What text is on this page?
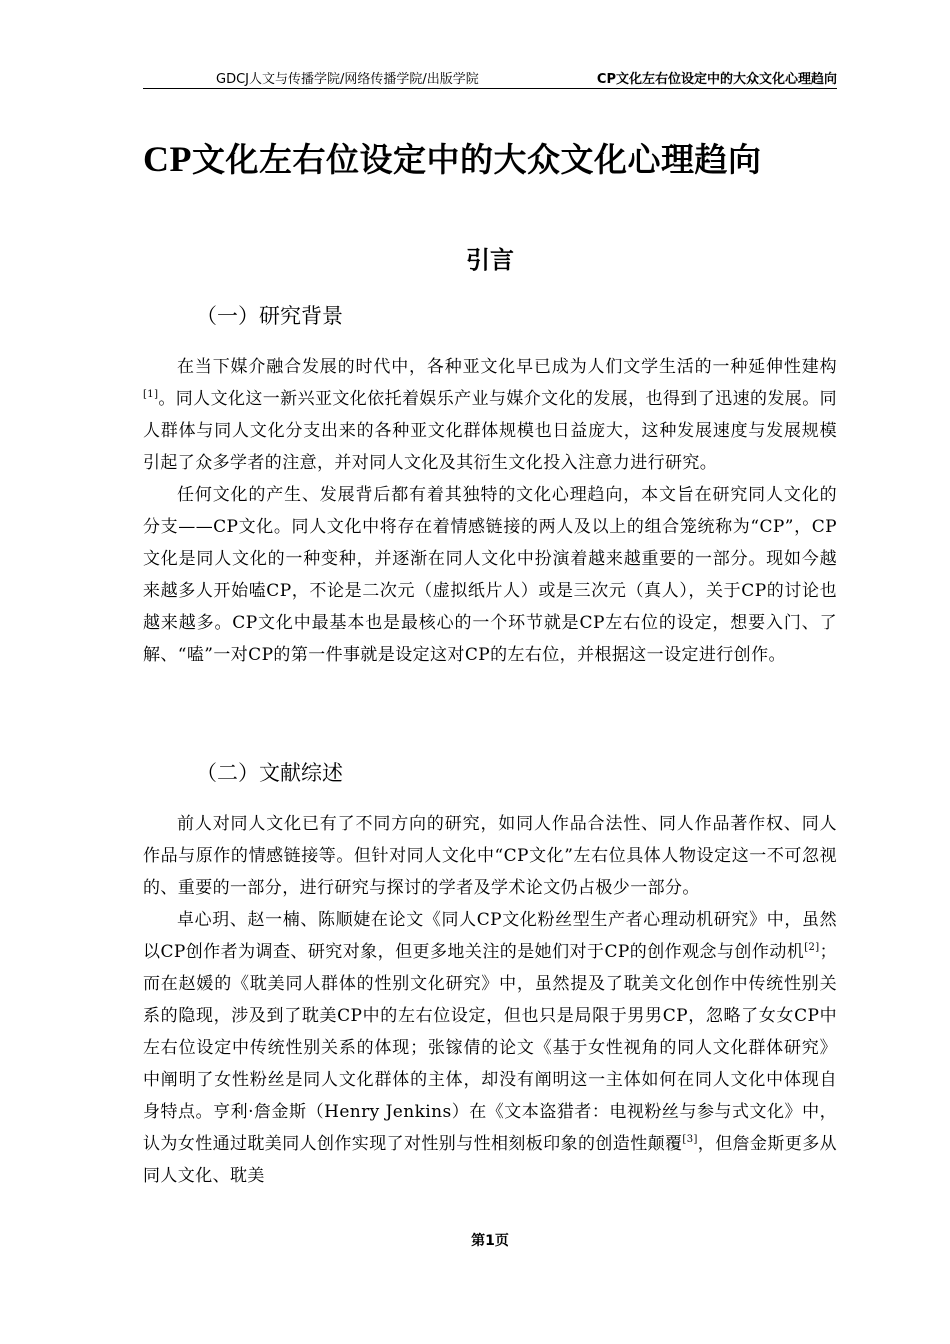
GDCJ人文与传播学院/网络传播学院/出版学院	CP文化左右位设定中的大众文化心理趋向
CP文化左右位设定中的大众文化心理趋向
引言
（一）研究背景

在当下媒介融合发展的时代中，各种亚文化早已成为人们文学生活的一种延伸性建构[1]。同人文化这一新兴亚文化依托着娱乐产业与媒介文化的发展，也得到了迅速的发展。同人群体与同人文化分支出来的各种亚文化群体规模也日益庞大，这种发展速度与发展规模引起了众多学者的注意，并对同人文化及其衍生文化投入注意力进行研究。

任何文化的产生、发展背后都有着其独特的文化心理趋向，本文旨在研究同人文化的分支——CP文化。同人文化中将存在着情感链接的两人及以上的组合笼统称为“CP”，CP文化是同人文化的一种变种，并逐渐在同人文化中扮演着越来越重要的一部分。现如今越来越多人开始嗑CP，不论是二次元（虚拟纸片人）或是三次元（真人），关于CP的讨论也越来越多。CP文化中最基本也是最核心的一个环节就是CP左右位的设定，想要入门、了解、“嗑”一对CP的第一件事就是设定这对CP的左右位，并根据这一设定进行创作。

（二）文献综述

前人对同人文化已有了不同方向的研究，如同人作品合法性、同人作品著作权、同人作品与原作的情感链接等。但针对同人文化中“CP文化”左右位具体人物设定这一不可忽视的、重要的一部分，进行研究与探讨的学者及学术论文仍占极少一部分。

卓心玥、赵一楠、陈顺婕在论文《同人CP文化粉丝型生产者心理动机研究》中，虽然以CP创作者为调查、研究对象，但更多地关注的是她们对于CP的创作观念与创作动机[2]；而在赵媛的《耽美同人群体的性别文化研究》中，虽然提及了耽美文化创作中传统性别关系的隐现，涉及到了耽美CP中的左右位设定，但也只是局限于男男CP，忽略了女女CP中左右位设定中传统性别关系的体现；张镓倩的论文《基于女性视角的同人文化群体研究》中阐明了女性粉丝是同人文化群体的主体，却没有阐明这一主体如何在同人文化中体现自身特点。亨利·詹金斯（Henry Jenkins）在《文本盗猎者：电视粉丝与参与式文化》中，认为女性通过耽美同人创作实现了对性别与性相刻板印象的创造性颠覆[3]，但詹金斯更多从同人文化、耽美

第1页
